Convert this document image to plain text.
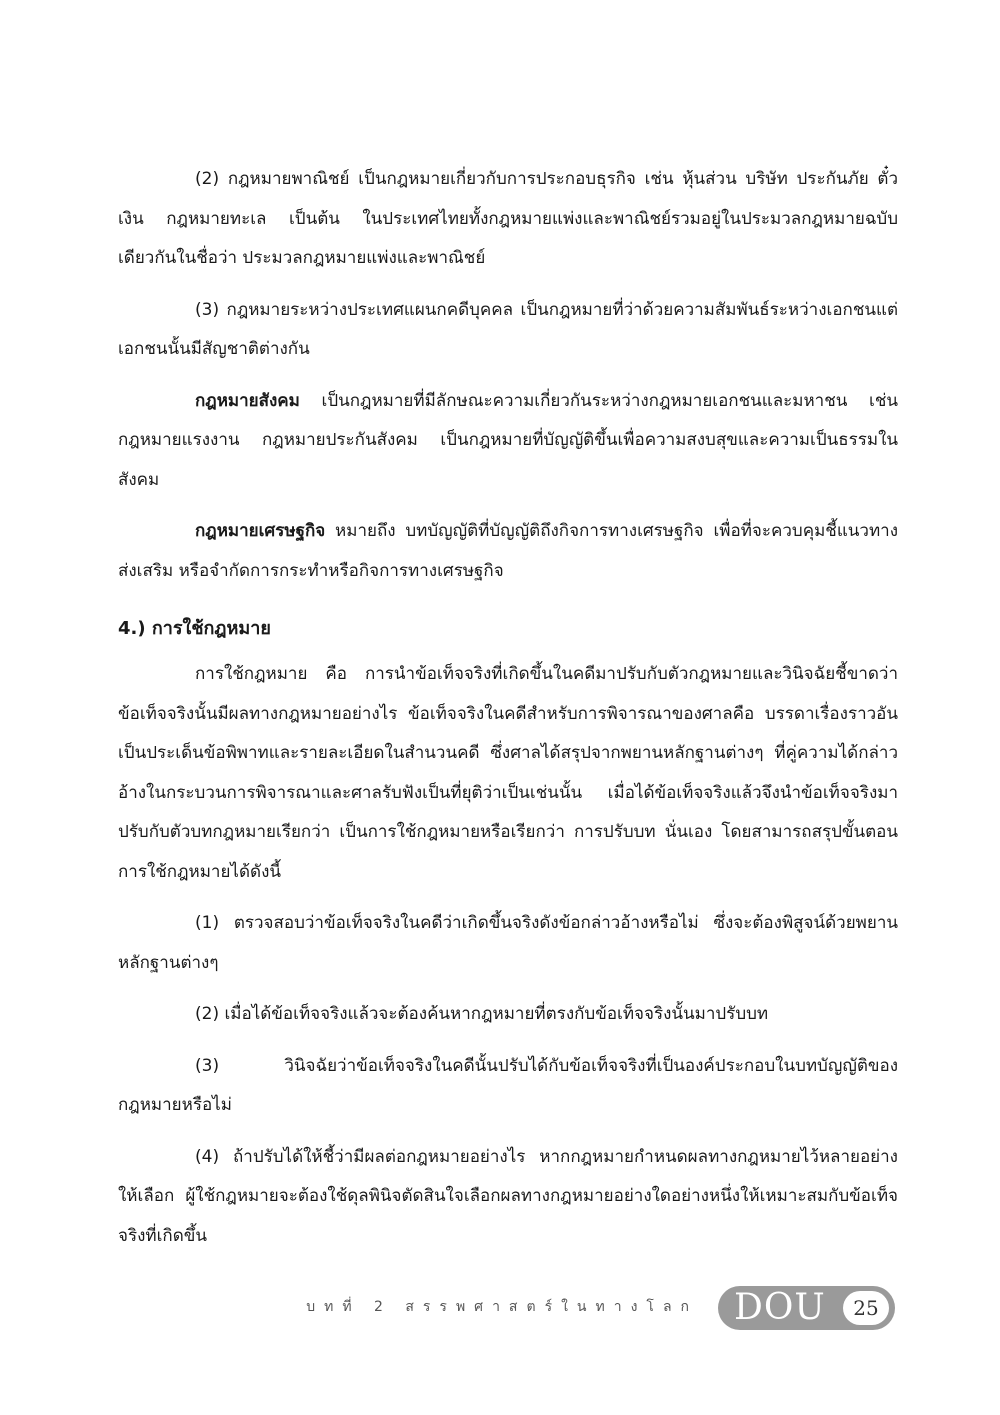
(2) กฎหมายพาณิชย์ เป็นกฎหมายเกี่ยวกับการประกอบธุรกิจ เช่น หุ้นส่วน บริษัท ประกันภัย ตั๋วเงิน กฎหมายทะเล เป็นต้น ในประเทศไทยทั้งกฎหมายแพ่งและพาณิชย์รวมอยู่ในประมวลกฎหมายฉบับเดียวกันในชื่อว่า ประมวลกฎหมายแพ่งและพาณิชย์

(3) กฎหมายระหว่างประเทศแผนกคดีบุคคล เป็นกฎหมายที่ว่าด้วยความสัมพันธ์ระหว่างเอกชนแต่เอกชนนั้นมีสัญชาติต่างกัน

กฎหมายสังคม เป็นกฎหมายที่มีลักษณะความเกี่ยวกันระหว่างกฎหมายเอกชนและมหาชน เช่น กฎหมายแรงงาน กฎหมายประกันสังคม เป็นกฎหมายที่บัญญัติขึ้นเพื่อความสงบสุขและความเป็นธรรมในสังคม

กฎหมายเศรษฐกิจ หมายถึง บทบัญญัติที่บัญญัติถึงกิจการทางเศรษฐกิจ เพื่อที่จะควบคุมชี้แนวทาง ส่งเสริม หรือจำกัดการกระทำหรือกิจการทางเศรษฐกิจ

4.) การใช้กฎหมาย

การใช้กฎหมาย คือ การนำข้อเท็จจริงที่เกิดขึ้นในคดีมาปรับกับตัวกฎหมายและวินิจฉัยชี้ขาดว่า ข้อเท็จจริงนั้นมีผลทางกฎหมายอย่างไร ข้อเท็จจริงในคดีสำหรับการพิจารณาของศาลคือ บรรดาเรื่องราวอันเป็นประเด็นข้อพิพาทและรายละเอียดในสำนวนคดี ซึ่งศาลได้สรุปจากพยานหลักฐานต่างๆ ที่คู่ความได้กล่าวอ้างในกระบวนการพิจารณาและศาลรับฟังเป็นที่ยุติว่าเป็นเช่นนั้น เมื่อได้ข้อเท็จจริงแล้วจึงนำข้อเท็จจริงมาปรับกับตัวบทกฎหมายเรียกว่า เป็นการใช้กฎหมายหรือเรียกว่า การปรับบท นั่นเอง โดยสามารถสรุปขั้นตอนการใช้กฎหมายได้ดังนี้

(1) ตรวจสอบว่าข้อเท็จจริงในคดีว่าเกิดขึ้นจริงดังข้อกล่าวอ้างหรือไม่ ซึ่งจะต้องพิสูจน์ด้วยพยานหลักฐานต่างๆ

(2) เมื่อได้ข้อเท็จจริงแล้วจะต้องค้นหากฎหมายที่ตรงกับข้อเท็จจริงนั้นมาปรับบท

(3) วินิจฉัยว่าข้อเท็จจริงในคดีนั้นปรับได้กับข้อเท็จจริงที่เป็นองค์ประกอบในบทบัญญัติของกฎหมายหรือไม่

(4) ถ้าปรับได้ให้ชี้ว่ามีผลต่อกฎหมายอย่างไร หากกฎหมายกำหนดผลทางกฎหมายไว้หลายอย่างให้เลือก ผู้ใช้กฎหมายจะต้องใช้ดุลพินิจตัดสินใจเลือกผลทางกฎหมายอย่างใดอย่างหนึ่งให้เหมาะสมกับข้อเท็จจริงที่เกิดขึ้น

บทที่ 2 สรรพศาสตร์ในทางโลก DOU	25
